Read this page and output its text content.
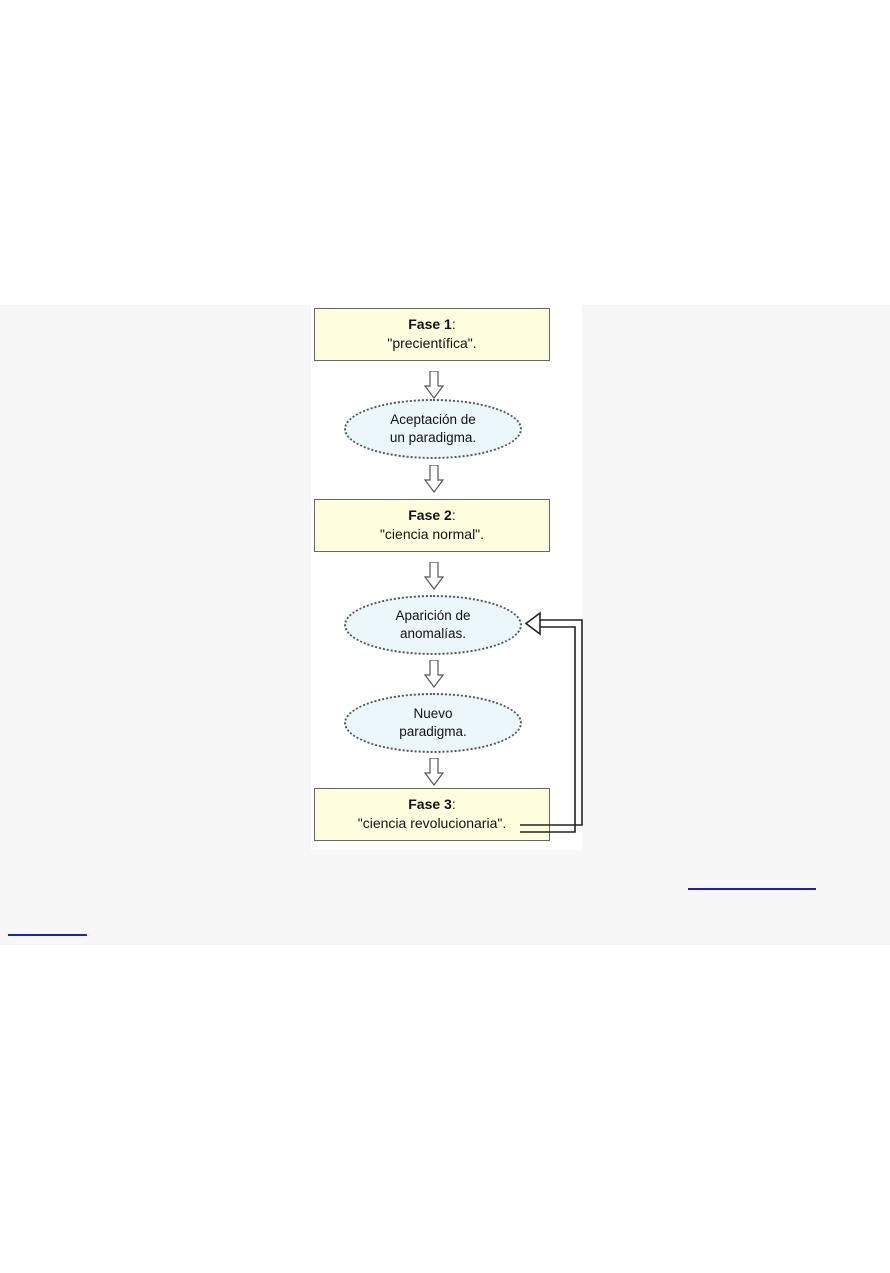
Fase 1:
"precientífica".
Aceptación de
un paradigma.
Fase 2:
"ciencia normal".
Aparición de
anomalías.
Nuevo
paradigma.
Fase 3:
"ciencia revolucionaria".
